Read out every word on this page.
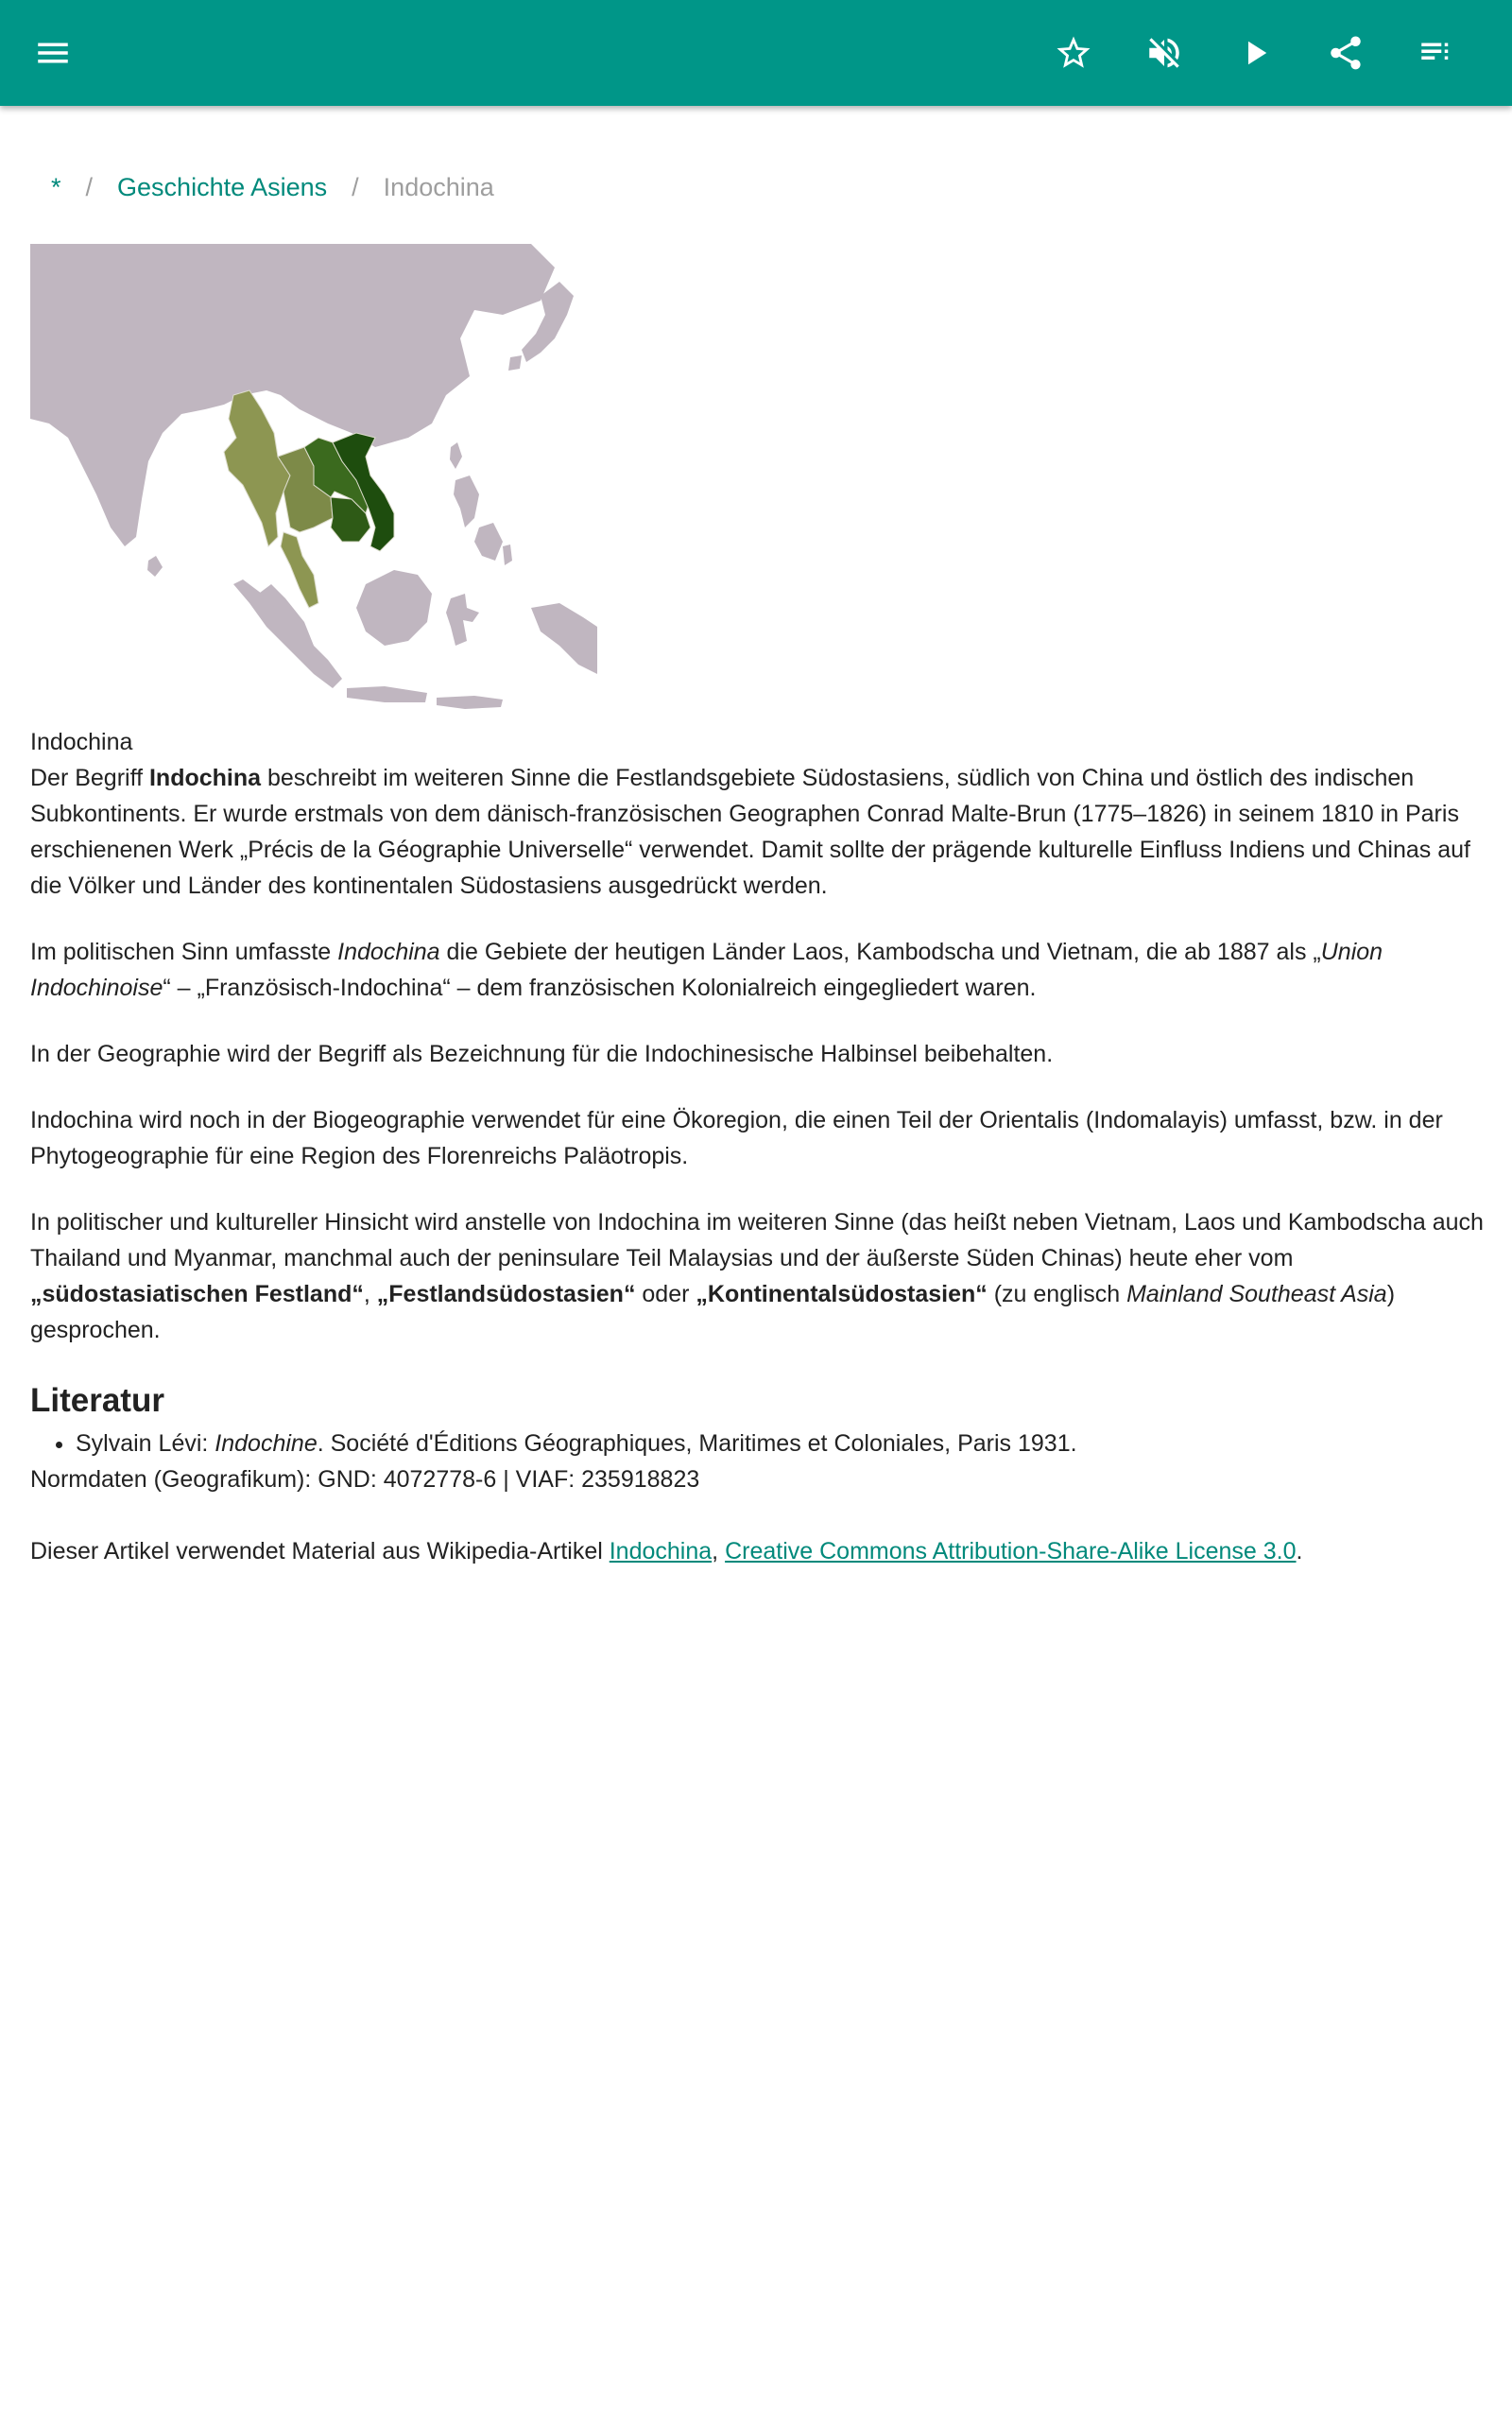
* / Geschichte Asiens / Indochina
Indochina

Der Begriff Indochina beschreibt im weiteren Sinne die Festlandsgebiete Südostasiens, südlich von China und östlich des indischen Subkontinents. Er wurde erstmals von dem dänisch-französischen Geographen Conrad Malte-Brun (1775–1826) in seinem 1810 in Paris erschienenen Werk „Précis de la Géographie Universelle“ verwendet. Damit sollte der prägende kulturelle Einfluss Indiens und Chinas auf die Völker und Länder des kontinentalen Südostasiens ausgedrückt werden.

Im politischen Sinn umfasste Indochina die Gebiete der heutigen Länder Laos, Kambodscha und Vietnam, die ab 1887 als „Union Indochinoise“ – „Französisch-Indochina“ – dem französischen Kolonialreich eingegliedert waren.

In der Geographie wird der Begriff als Bezeichnung für die Indochinesische Halbinsel beibehalten.

Indochina wird noch in der Biogeographie verwendet für eine Ökoregion, die einen Teil der Orientalis (Indomalayis) umfasst, bzw. in der Phytogeographie für eine Region des Florenreichs Paläotropis.

In politischer und kultureller Hinsicht wird anstelle von Indochina im weiteren Sinne (das heißt neben Vietnam, Laos und Kambodscha auch Thailand und Myanmar, manchmal auch der peninsulare Teil Malaysias und der äußerste Süden Chinas) heute eher vom „südostasiatischen Festland“, „Festlandsüdostasien“ oder „Kontinentalsüdostasien“ (zu englisch Mainland Southeast Asia) gesprochen.

Literatur
• Sylvain Lévi: Indochine. Société d'Éditions Géographiques, Maritimes et Coloniales, Paris 1931.
Normdaten (Geografikum): GND: 4072778-6 | VIAF: 235918823
Dieser Artikel verwendet Material aus Wikipedia-Artikel Indochina, Creative Commons Attribution-Share-Alike License 3.0.
